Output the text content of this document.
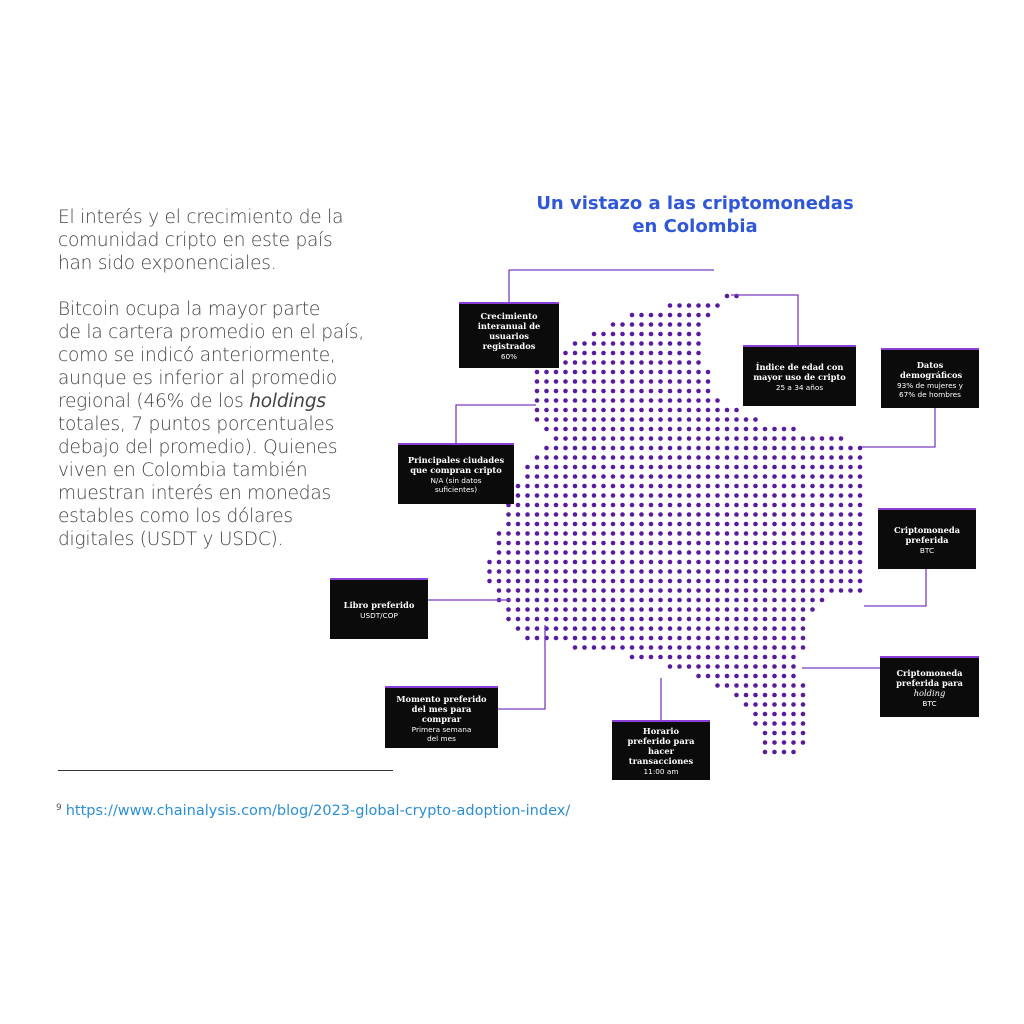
El interés y el crecimiento de la
comunidad cripto en este país
han sido exponenciales.

Bitcoin ocupa la mayor parte
de la cartera promedio en el país,
como se indicó anteriormente,
aunque es inferior al promedio
regional (46% de los holdings
totales, 7 puntos porcentuales
debajo del promedio). Quienes
viven en Colombia también
muestran interés en monedas
estables como los dólares
digitales (USDT y USDC).

$^9$ https://www.chainalysis.com/blog/2023-global-crypto-adoption-index/
Un vistazo a las criptomonedas
en Colombia
Crecimiento interanual de usuarios registrados
60%
Índice de edad con mayor uso de cripto
25 a 34 años
Datos demográficos
93% de mujeres y
67% de hombres
Principales ciudades que compran cripto
N/A (sin datos suficientes)
Criptomoneda preferida
BTC
Libro preferido
USDT/COP
Criptomoneda preferida para
holding
BTC
Momento preferido del mes para comprar
Primera semana del mes
Horario preferido para hacer transacciones
11:00 am
